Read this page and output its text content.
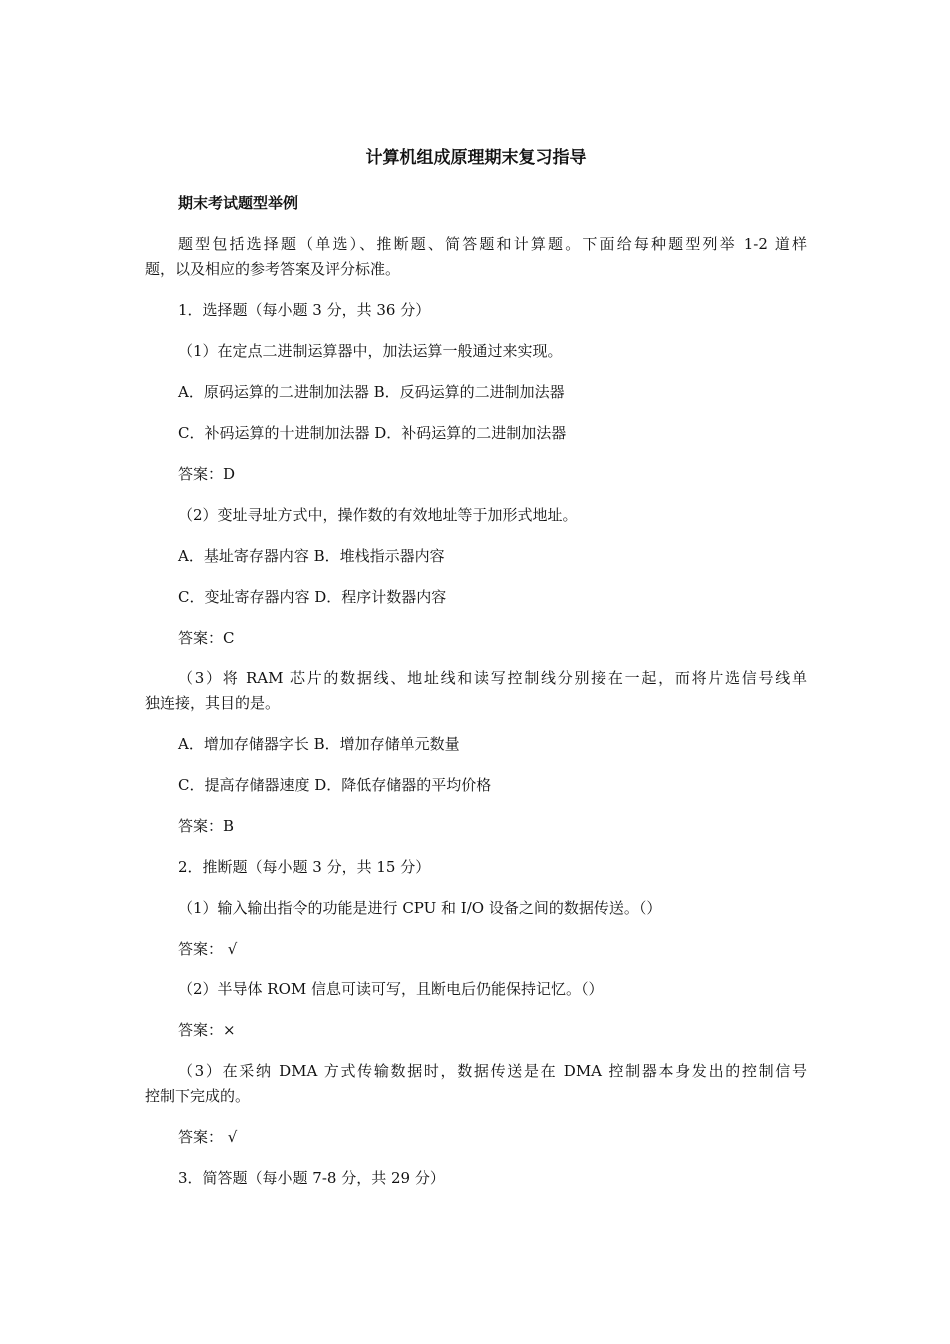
计算机组成原理期末复习指导

期末考试题型举例

题型包括选择题（单选）、推断题、简答题和计算题。下面给每种题型列举 1-2 道样

题，以及相应的参考答案及评分标准。

1．选择题（每小题 3 分，共 36 分）

（1）在定点二进制运算器中，加法运算一般通过来实现。

A．原码运算的二进制加法器 B．反码运算的二进制加法器

C．补码运算的十进制加法器 D．补码运算的二进制加法器

答案：D

（2）变址寻址方式中，操作数的有效地址等于加形式地址。

A．基址寄存器内容 B．堆栈指示器内容

C．变址寄存器内容 D．程序计数器内容

答案：C

（3）将 RAM 芯片的数据线、地址线和读写控制线分别接在一起，而将片选信号线单

独连接，其目的是。

A．增加存储器字长 B．增加存储单元数量

C．提高存储器速度 D．降低存储器的平均价格

答案：B

2．推断题（每小题 3 分，共 15 分）

（1）输入输出指令的功能是进行 CPU 和 I/O 设备之间的数据传送。（）

答案： √

（2）半导体 ROM 信息可读可写，且断电后仍能保持记忆。（）

答案：×

（3）在采纳 DMA 方式传输数据时，数据传送是在 DMA 控制器本身发出的控制信号

控制下完成的。

答案： √

3．简答题（每小题 7-8 分，共 29 分）
